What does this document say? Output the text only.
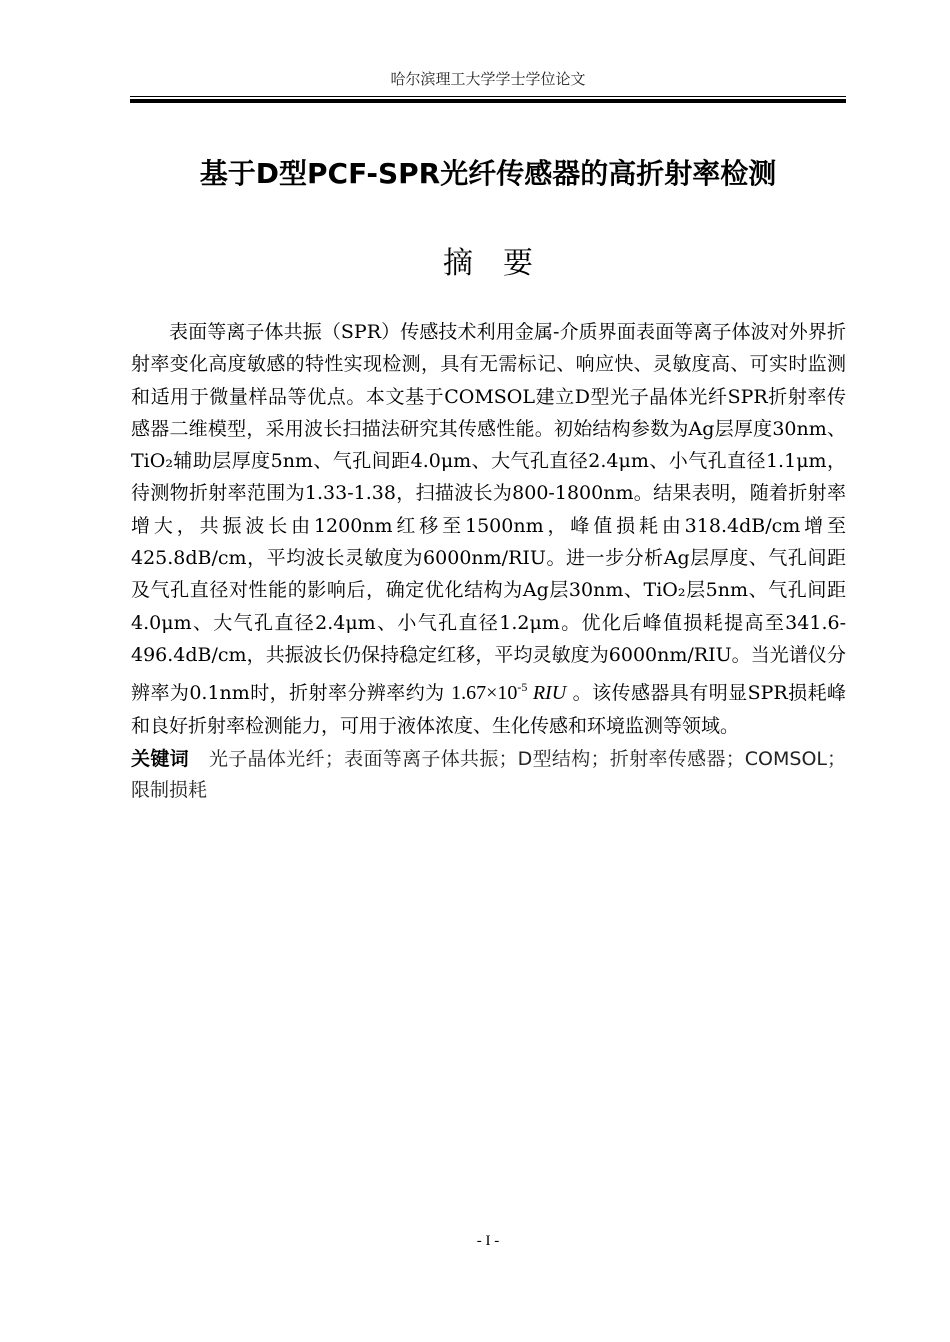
哈尔滨理工大学学士学位论文
基于D型PCF-SPR光纤传感器的高折射率检测
摘要
表面等离子体共振（SPR）传感技术利用金属-介质界面表面等离子体波对外界折射率变化高度敏感的特性实现检测，具有无需标记、响应快、灵敏度高、可实时监测和适用于微量样品等优点。本文基于COMSOL建立D型光子晶体光纤SPR折射率传感器二维模型，采用波长扫描法研究其传感性能。初始结构参数为Ag层厚度30nm、TiO₂辅助层厚度5nm、气孔间距4.0μm、大气孔直径2.4μm、小气孔直径1.1μm，待测物折射率范围为1.33-1.38，扫描波长为800-1800nm。结果表明，随着折射率增大，共振波长由1200nm红移至1500nm，峰值损耗由318.4dB/cm增至425.8dB/cm，平均波长灵敏度为6000nm/RIU。进一步分析Ag层厚度、气孔间距及气孔直径对性能的影响后，确定优化结构为Ag层30nm、TiO₂层5nm、气孔间距4.0μm、大气孔直径2.4μm、小气孔直径1.2μm。优化后峰值损耗提高至341.6-496.4dB/cm，共振波长仍保持稳定红移，平均灵敏度为6000nm/RIU。当光谱仪分辨率为0.1nm时，折射率分辨率约为 $1.67\times 10^{-5}$ RIU 。该传感器具有明显SPR损耗峰和良好折射率检测能力，可用于液体浓度、生化传感和环境监测等领域。
关键词 光子晶体光纤；表面等离子体共振；D型结构；折射率传感器；COMSOL；限制损耗
- I -
